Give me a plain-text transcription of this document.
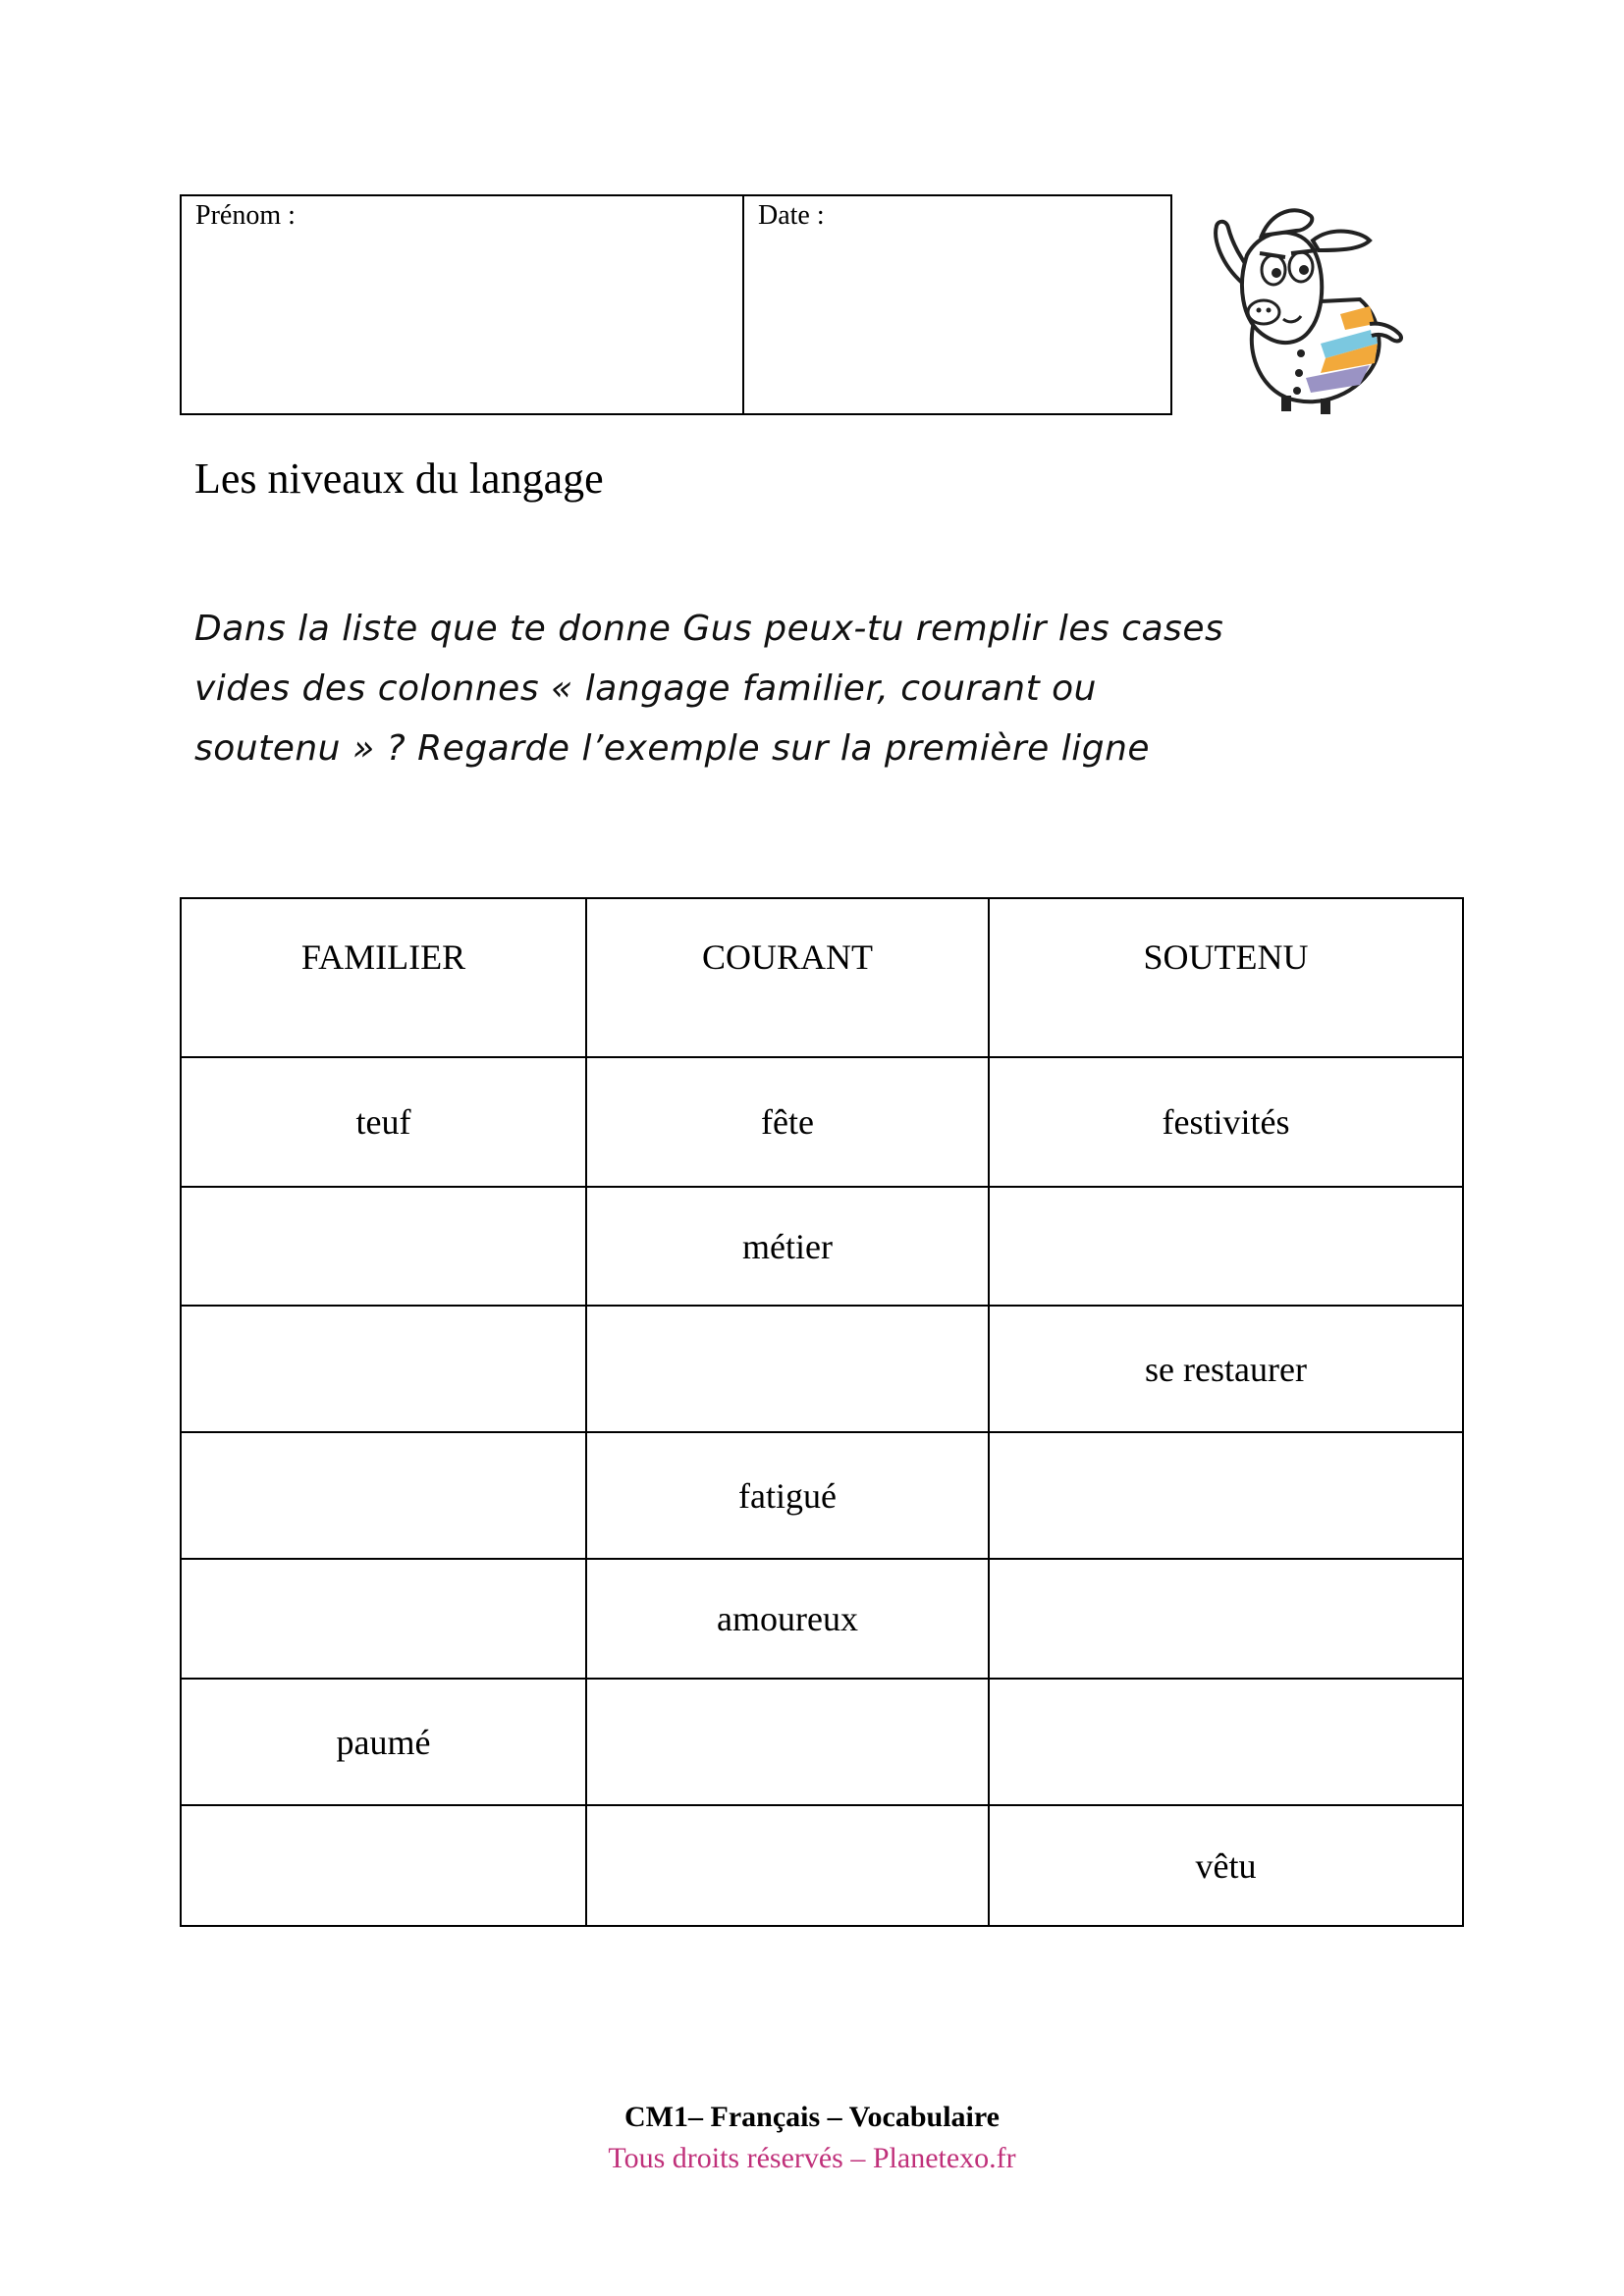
Prénom :	Date :
Les niveaux du langage
Dans la liste que te donne Gus peux-tu remplir les cases
vides des colonnes « langage familier, courant ou
soutenu » ? Regarde l’exemple sur la première ligne
FAMILIER	COURANT	SOUTENU
teuf	fête	festivités
	métier	
		se restaurer
	fatigué	
	amoureux	
paumé		
		vêtu
CM1– Français – Vocabulaire
Tous droits réservés – Planetexo.fr
